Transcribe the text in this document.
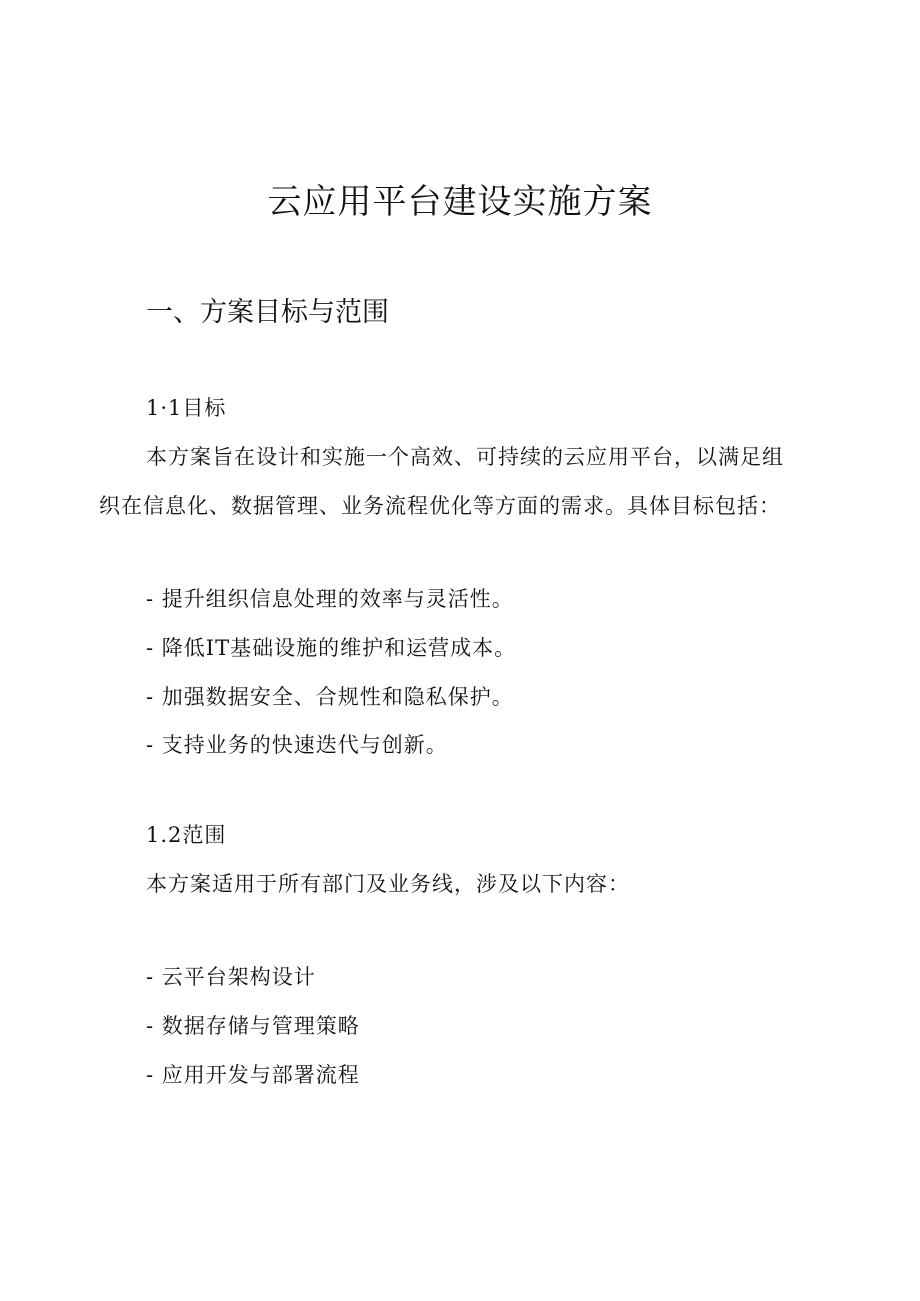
云应用平台建设实施方案
一、方案目标与范围

1·1目标

本方案旨在设计和实施一个高效、可持续的云应用平台，以满足组

织在信息化、数据管理、业务流程优化等方面的需求。具体目标包括：

- 提升组织信息处理的效率与灵活性。

- 降低IT基础设施的维护和运营成本。

- 加强数据安全、合规性和隐私保护。

- 支持业务的快速迭代与创新。

1.2范围

本方案适用于所有部门及业务线，涉及以下内容：

- 云平台架构设计

- 数据存储与管理策略

- 应用开发与部署流程
